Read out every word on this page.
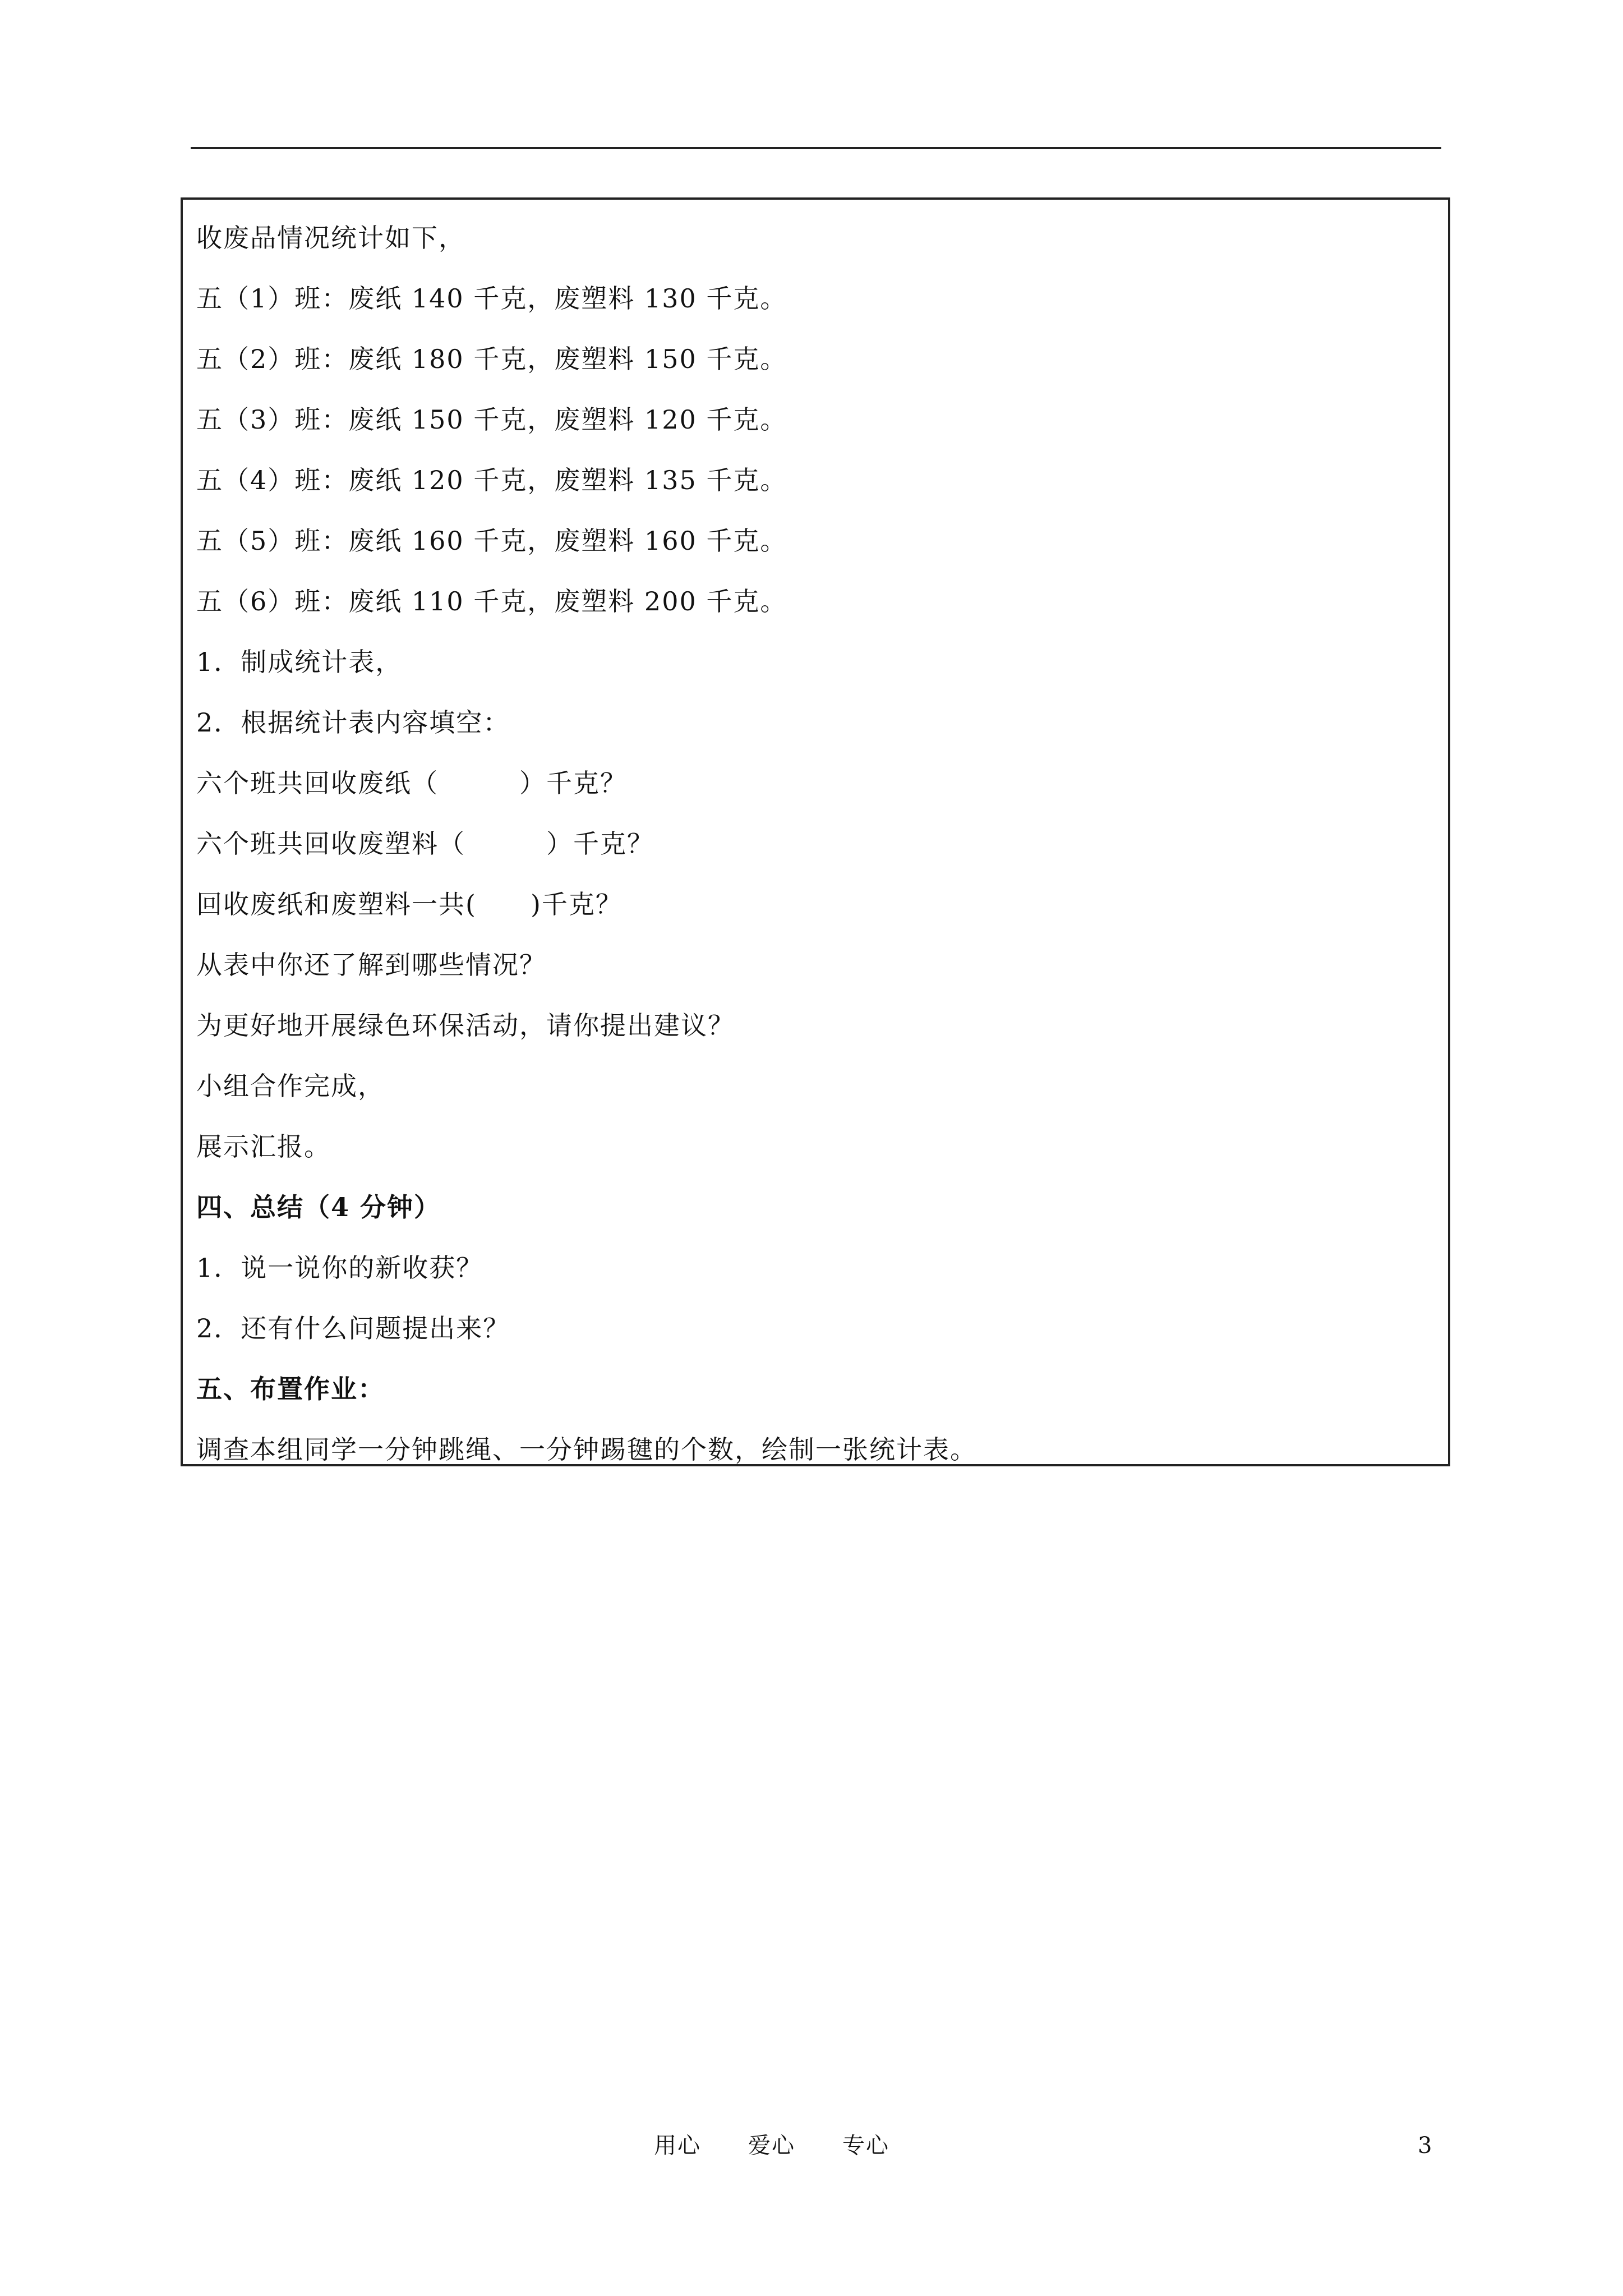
收废品情况统计如下，
五（1）班：废纸 140 千克，废塑料 130 千克。
五（2）班：废纸 180 千克，废塑料 150 千克。
五（3）班：废纸 150 千克，废塑料 120 千克。
五（4）班：废纸 120 千克，废塑料 135 千克。
五（5）班：废纸 160 千克，废塑料 160 千克。
五（6）班：废纸 110 千克，废塑料 200 千克。
1．制成统计表，
2．根据统计表内容填空：
六个班共回收废纸（　　　）千克？
六个班共回收废塑料（　　　）千克？
回收废纸和废塑料一共(　　)千克？
从表中你还了解到哪些情况？
为更好地开展绿色环保活动，请你提出建议？
小组合作完成，
展示汇报。
四、总结（4 分钟）
1．说一说你的新收获？
2．还有什么问题提出来？
五、布置作业：
调查本组同学一分钟跳绳、一分钟踢毽的个数，绘制一张统计表。
用心　　爱心　　专心	3
